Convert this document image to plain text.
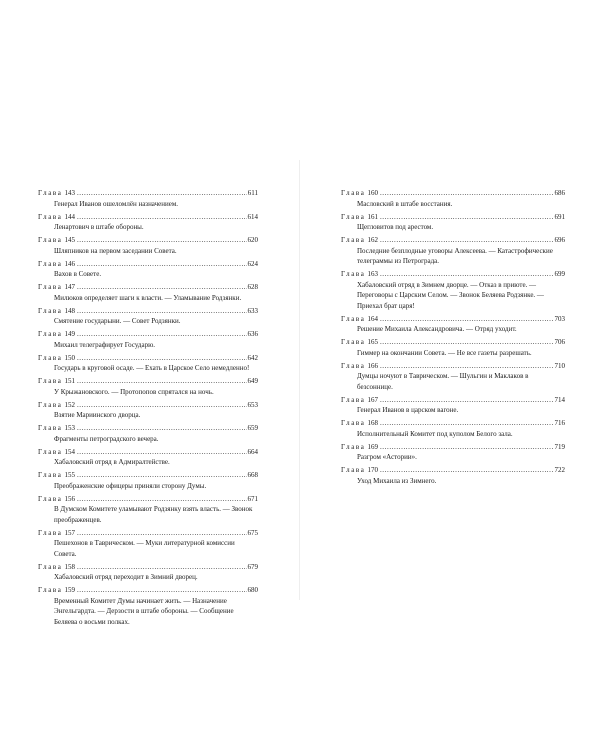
Глава 143 .....	611
Генерал Иванов ошеломлён назначением.
Глава 144 .....	614
Ленартович в штабе обороны.
Глава 145 .....	620
Шляпников на первом заседании Совета.
Глава 146 .....	624
Вахов в Совете.
Глава 147 .....	628
Милюков определяет шаги к власти. — Уламывание Родзянки.
Глава 148 .....	633
Смятение государыни. — Совет Родзянки.
Глава 149 .....	636
Михаил телеграфирует Государю.
Глава 150 .....	642
Государь в круговой осаде. — Ехать в Царское Село немедленно!
Глава 151 .....	649
У Крыжановского. — Протопопов спрятался на ночь.
Глава 152 .....	653
Взятие Мариинского дворца.
Глава 153 .....	659
Фрагменты петроградского вечера.
Глава 154 .....	664
Хабаловский отряд в Адмиралтействе.
Глава 155 .....	668
Преображенские офицеры приняли сторону Думы.
Глава 156 .....	671
В Думском Комитете уламывают Родзянку взять власть. — Звонок преображенцев.
Глава 157 .....	675
Пешехонов в Таврическом. — Муки литературной комиссии Совета.
Глава 158 .....	679
Хабаловский отряд переходит в Зимний дворец.
Глава 159 .....	680
Временный Комитет Думы начинает жить. — Назначение Энгельгардта. — Дерзости в штабе обороны. — Сообщение Беляева о восьми полках.
Глава 160 .....	686
Масловский в штабе восстания.
Глава 161 .....	691
Щегловитов под арестом.
Глава 162 .....	696
Последние безплодные уговоры Алексеева. — Катастрофические телеграммы из Петрограда.
Глава 163 .....	699
Хабаловский отряд в Зимнем дворце. — Отказ в приюте. — Переговоры с Царским Селом. — Звонок Беляева Родзянке. — Приехал брат царя!
Глава 164 .....	703
Решение Михаила Александровича. — Отряд уходит.
Глава 165 .....	706
Гиммер на окончании Совета. — Не все газеты разрешать.
Глава 166 .....	710
Думцы ночуют в Таврическом. — Шульгин и Маклаков в безсоннице.
Глава 167 .....	714
Генерал Иванов в царском вагоне.
Глава 168 .....	716
Исполнительный Комитет под куполом Белого зала.
Глава 169 .....	719
Разгром «Астории».
Глава 170 .....	722
Уход Михаила из Зимнего.
